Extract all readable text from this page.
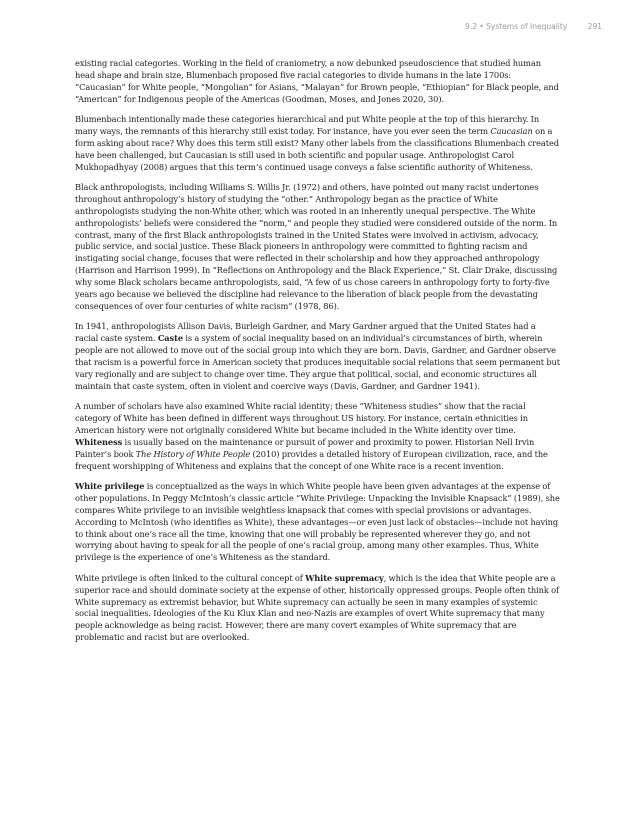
9.2 • Systems of Inequality	291

existing racial categories. Working in the field of craniometry, a now debunked pseudoscience that studied human head shape and brain size, Blumenbach proposed five racial categories to divide humans in the late 1700s: “Caucasian” for White people, “Mongolian” for Asians, “Malayan” for Brown people, “Ethiopian” for Black people, and “American” for Indigenous people of the Americas (Goodman, Moses, and Jones 2020, 30).

Blumenbach intentionally made these categories hierarchical and put White people at the top of this hierarchy. In many ways, the remnants of this hierarchy still exist today. For instance, have you ever seen the term Caucasian on a form asking about race? Why does this term still exist? Many other labels from the classifications Blumenbach created have been challenged, but Caucasian is still used in both scientific and popular usage. Anthropologist Carol Mukhopadhyay (2008) argues that this term’s continued usage conveys a false scientific authority of Whiteness.

Black anthropologists, including Williams S. Willis Jr. (1972) and others, have pointed out many racist undertones throughout anthropology’s history of studying the “other.” Anthropology began as the practice of White anthropologists studying the non-White other, which was rooted in an inherently unequal perspective. The White anthropologists’ beliefs were considered the “norm,” and people they studied were considered outside of the norm. In contrast, many of the first Black anthropologists trained in the United States were involved in activism, advocacy, public service, and social justice. These Black pioneers in anthropology were committed to fighting racism and instigating social change, focuses that were reflected in their scholarship and how they approached anthropology (Harrison and Harrison 1999). In “Reflections on Anthropology and the Black Experience,” St. Clair Drake, discussing why some Black scholars became anthropologists, said, “A few of us chose careers in anthropology forty to forty-five years ago because we believed the discipline had relevance to the liberation of black people from the devastating consequences of over four centuries of white racism” (1978, 86).

In 1941, anthropologists Allison Davis, Burleigh Gardner, and Mary Gardner argued that the United States had a racial caste system. Caste is a system of social inequality based on an individual’s circumstances of birth, wherein people are not allowed to move out of the social group into which they are born. Davis, Gardner, and Gardner observe that racism is a powerful force in American society that produces inequitable social relations that seem permanent but vary regionally and are subject to change over time. They argue that political, social, and economic structures all maintain that caste system, often in violent and coercive ways (Davis, Gardner, and Gardner 1941).

A number of scholars have also examined White racial identity; these “Whiteness studies” show that the racial category of White has been defined in different ways throughout US history. For instance, certain ethnicities in American history were not originally considered White but became included in the White identity over time. Whiteness is usually based on the maintenance or pursuit of power and proximity to power. Historian Nell Irvin Painter’s book The History of White People (2010) provides a detailed history of European civilization, race, and the frequent worshipping of Whiteness and explains that the concept of one White race is a recent invention.

White privilege is conceptualized as the ways in which White people have been given advantages at the expense of other populations. In Peggy McIntosh’s classic article “White Privilege: Unpacking the Invisible Knapsack” (1989), she compares White privilege to an invisible weightless knapsack that comes with special provisions or advantages. According to McIntosh (who identifies as White), these advantages—or even just lack of obstacles—include not having to think about one’s race all the time, knowing that one will probably be represented wherever they go, and not worrying about having to speak for all the people of one’s racial group, among many other examples. Thus, White privilege is the experience of one’s Whiteness as the standard.

White privilege is often linked to the cultural concept of White supremacy, which is the idea that White people are a superior race and should dominate society at the expense of other, historically oppressed groups. People often think of White supremacy as extremist behavior, but White supremacy can actually be seen in many examples of systemic social inequalities. Ideologies of the Ku Klux Klan and neo-Nazis are examples of overt White supremacy that many people acknowledge as being racist. However, there are many covert examples of White supremacy that are problematic and racist but are overlooked.
